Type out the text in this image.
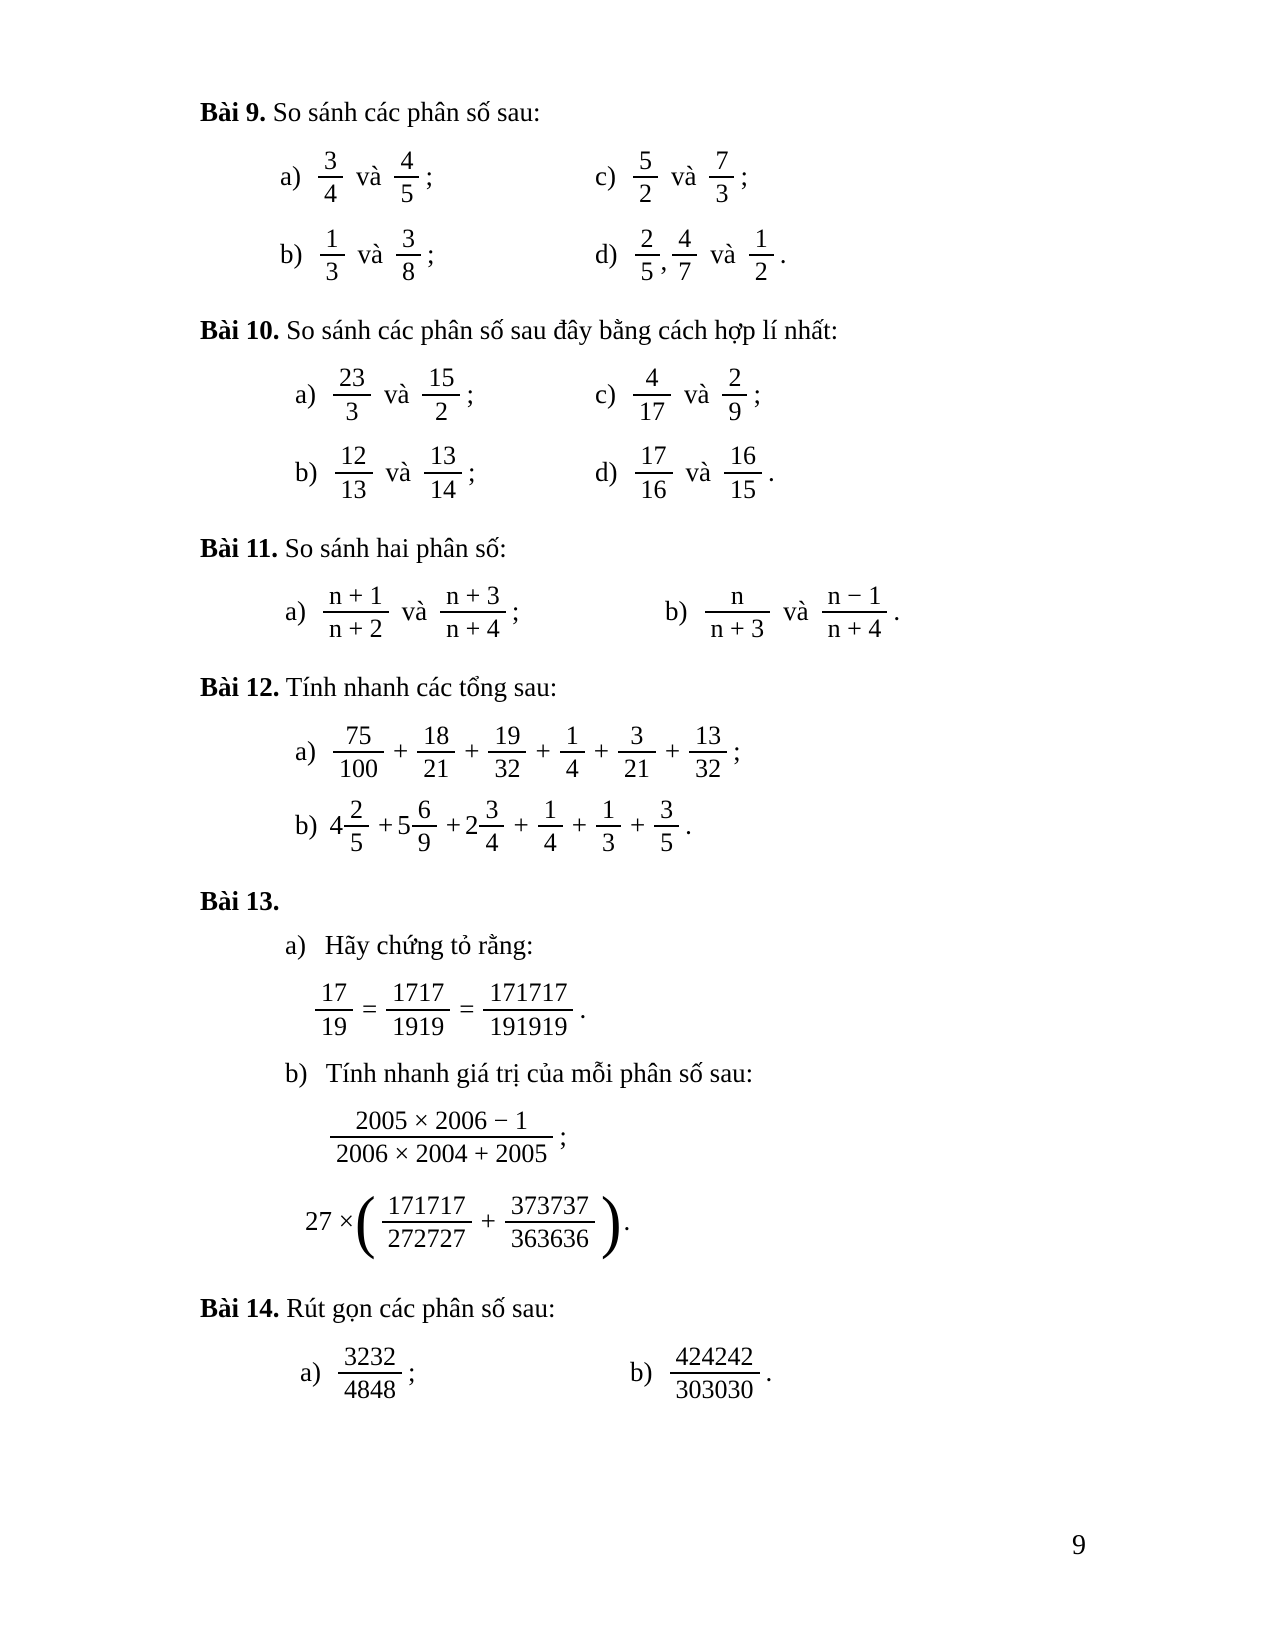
Bài 9. So sánh các phân số sau:
$a) \frac{3}{4}$ và $\frac{4}{5}$ ;	$c) \frac{5}{2}$ và $\frac{7}{3}$ ;
$b) \frac{1}{3}$ và $\frac{3}{8}$ ;	$d) \frac{2}{5}$ , $\frac{4}{7}$ và $\frac{1}{2}$ .
Bài 10. So sánh các phân số sau đây bằng cách hợp lí nhất:
$a) \frac{23}{3}$ và $\frac{15}{2}$ ;	$c) \frac{4}{17}$ và $\frac{2}{9}$ ;
$b) \frac{12}{13}$ và $\frac{13}{14}$ ;	$d) \frac{17}{16}$ và $\frac{16}{15}$ .
Bài 11. So sánh hai phân số:
$a) \frac{n + 1}{n + 2}$ và $\frac{n + 3}{n + 4}$ ;	$b) \frac{n}{n + 3}$ và $\frac{n - 1}{n + 4}$ .
Bài 12. Tính nhanh các tổng sau:
$a) \frac{75}{100} + \frac{18}{21} + \frac{19}{32} + \frac{1}{4} + \frac{3}{21} + \frac{13}{32}$ ;
b) $4 \frac{2}{5} + 5 \frac{6}{9} + 2 \frac{3}{4} + \frac{1}{4} + \frac{1}{3} + \frac{3}{5}$ .
Bài 13.
a) Hãy chứng tỏ rằng:
$\frac{17}{19} = \frac{1717}{1919} = \frac{171717}{191919}$ .
b) Tính nhanh giá trị của mỗi phân số sau:
$\frac{2005 \times 2006 - 1}{2006 \times 2004 + 2005}$ ;
27 × ( $\frac{171717}{272727} + \frac{373737}{363636}$ ) .
Bài 14. Rút gọn các phân số sau:
$a) \frac{3232}{4848}$ ;	$b) \frac{424242}{303030}$ .
9
